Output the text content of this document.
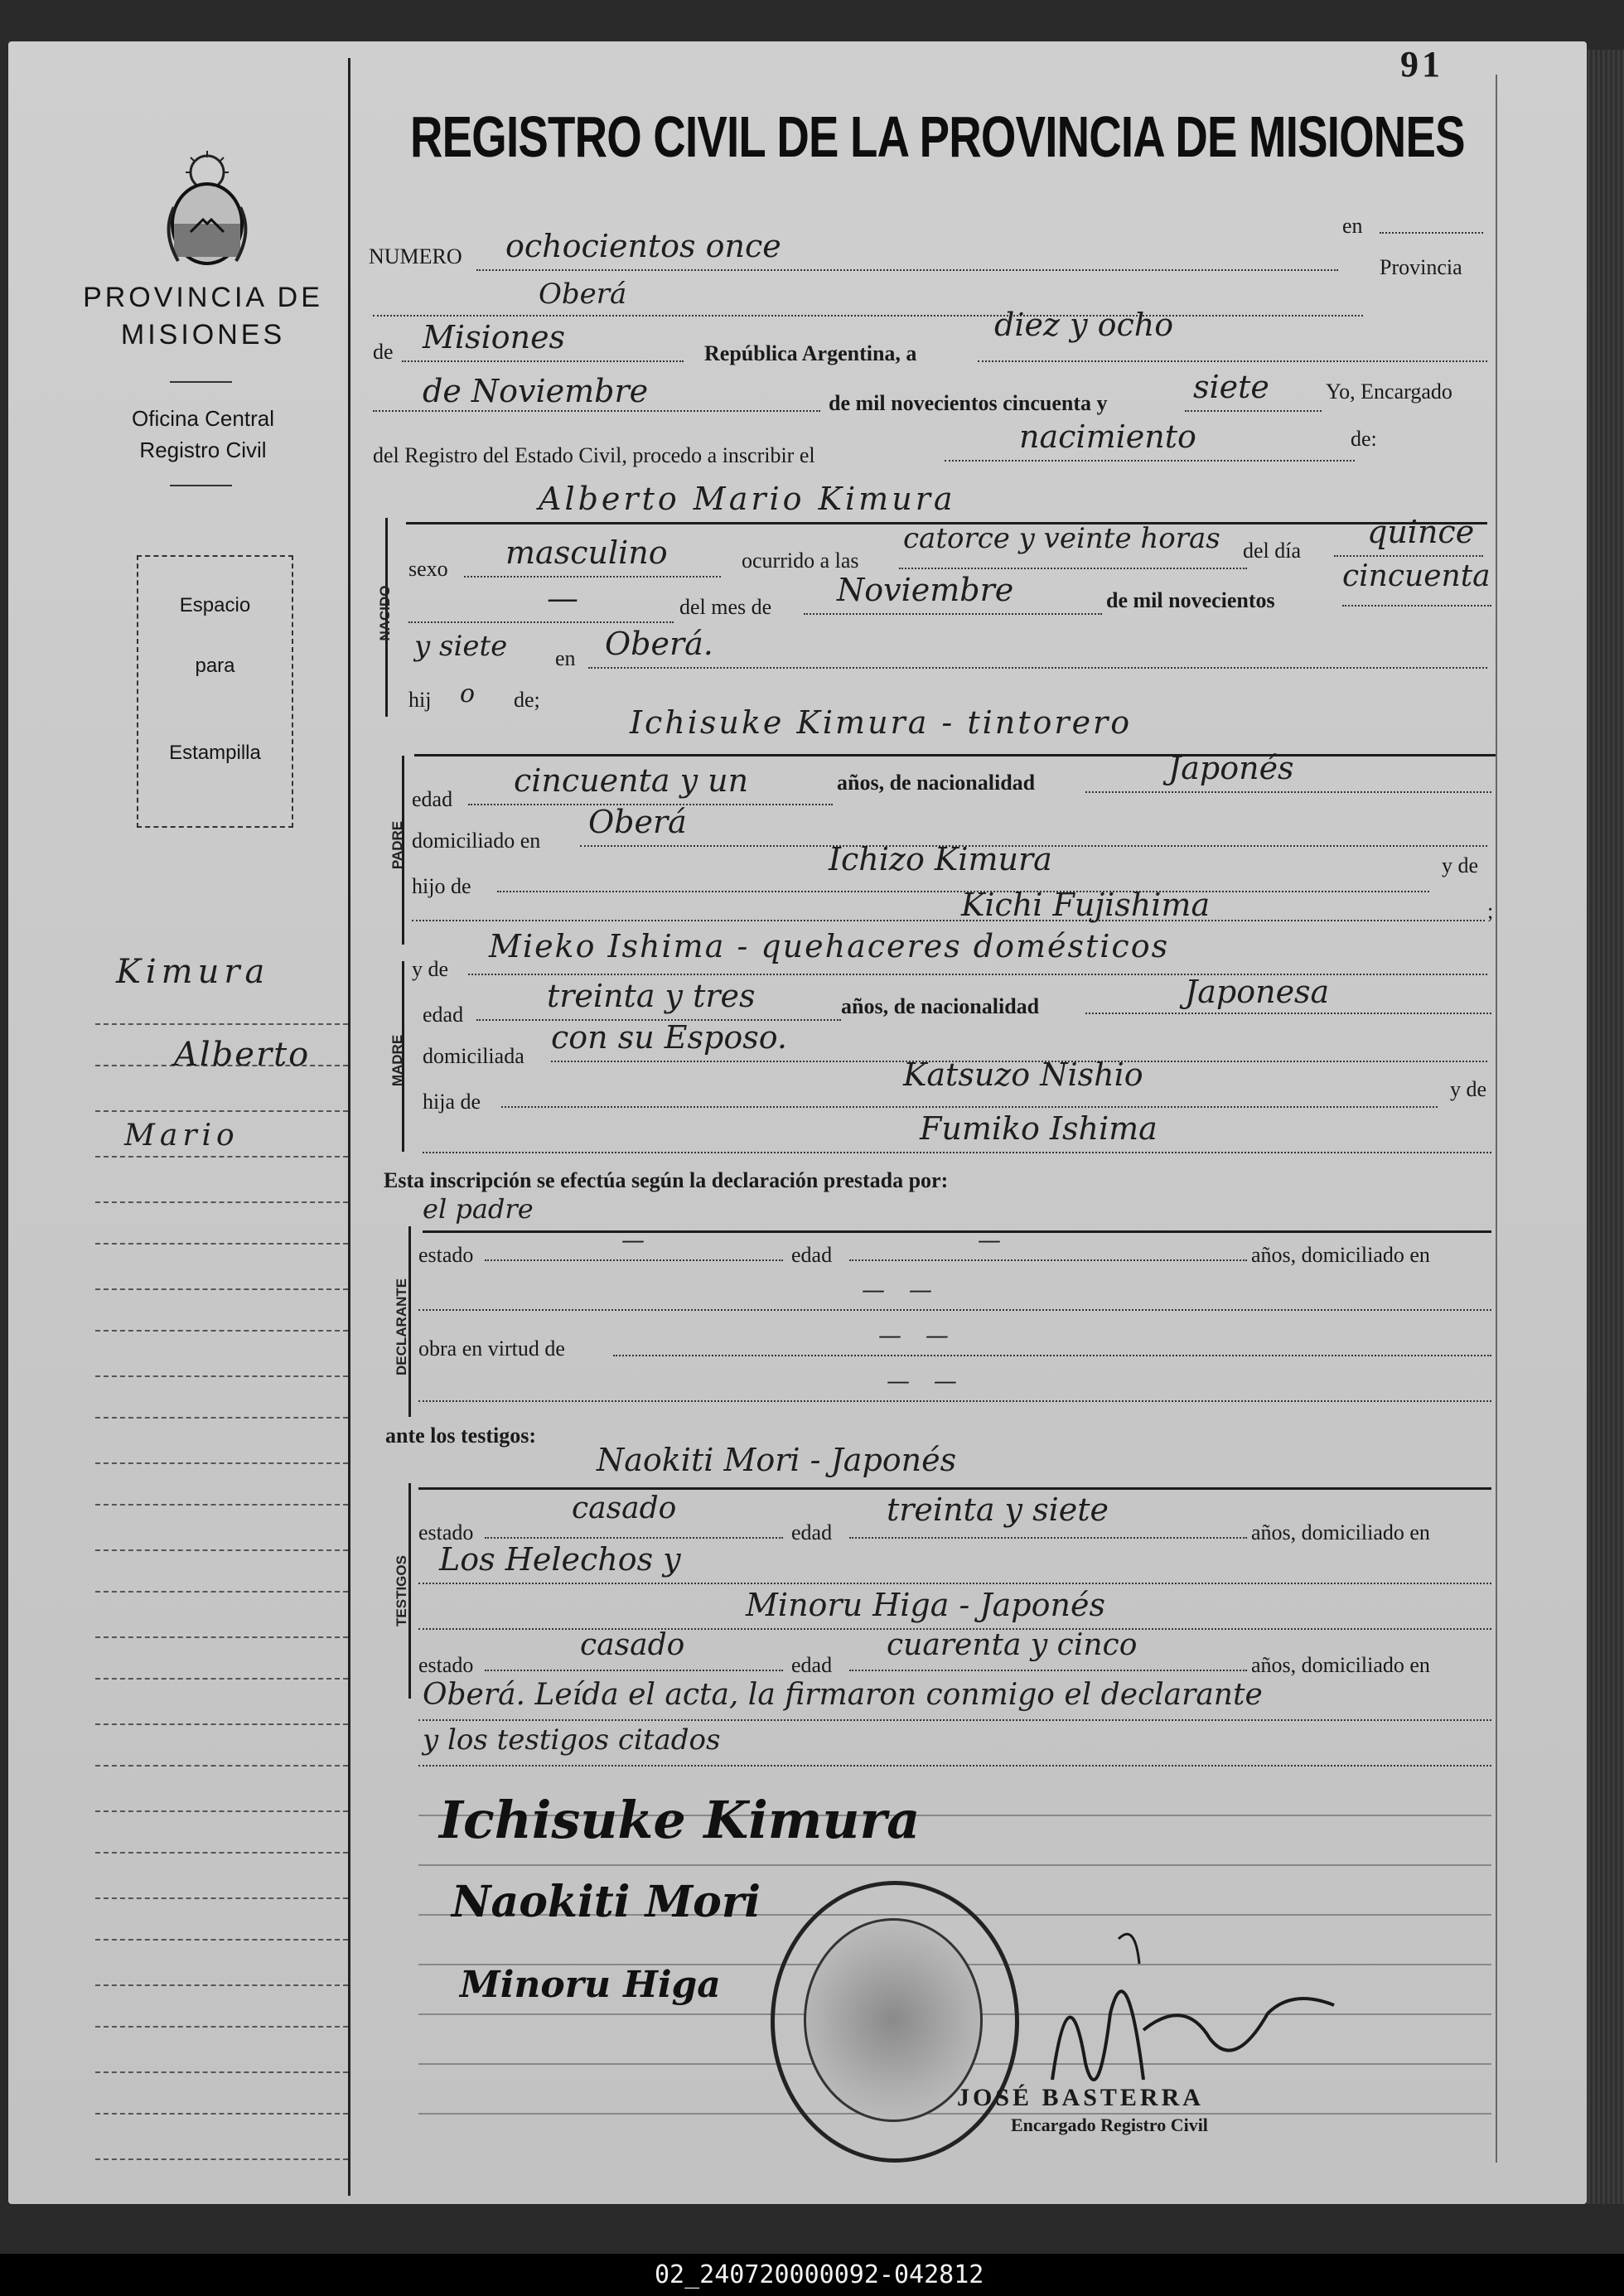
91
PROVINCIA DE
MISIONES
Oficina Central
Registro Civil
Espacio
para
Estampilla
Kimura
Alberto
Mario
REGISTRO CIVIL DE LA PROVINCIA DE MISIONES
NUMERO ochocientos once
en
Oberá
Provincia
de Misiones	República Argentina, a
diez y ocho
de Noviembre	de mil novecientos cincuenta y	siete	Yo, Encargado
del Registro del Estado Civil, procedo a inscribir el
nacimiento	de:
NACIDO
Alberto Mario Kimura
sexo masculino	ocurrido a las
catorce y veinte horas del día
quince
—	del mes de Noviembre	de mil novecientos
cincuenta
y siete en Oberá.
hij o de;
PADRE
Ichisuke Kimura - tintorero
edad
cincuenta y un	años, de nacionalidad	Japonés
domiciliado en
Oberá
hijo de
Ichizo Kimura	y de
Kichi Fujishima	;
MADRE
y de
Mieko Ishima - quehaceres domésticos
edad
treinta y tres	años, de nacionalidad	Japonesa
domiciliada
con su Esposo.
hija de
Katsuzo Nishio	y de
Fumiko Ishima
Esta inscripción se efectúa según la declaración prestada por:
el padre
DECLARANTE
estado
—
edad
—
años, domiciliado en
— —
obra en virtud de	— —
— —
ante los testigos:
Naokiti Mori - Japonés
TESTIGOS
estado
casado
edad
treinta y siete
años, domiciliado en
Los Helechos y
Minoru Higa - Japonés
estado
casado
edad
cuarenta y cinco
años, domiciliado en
Oberá. Leída el acta, la firmaron conmigo el declarante
y los testigos citados
Ichisuke Kimura
Naokiti Mori
Minoru Higa
JOSÉ BASTERRA
Encargado Registro Civil
02_240720000092-042812
